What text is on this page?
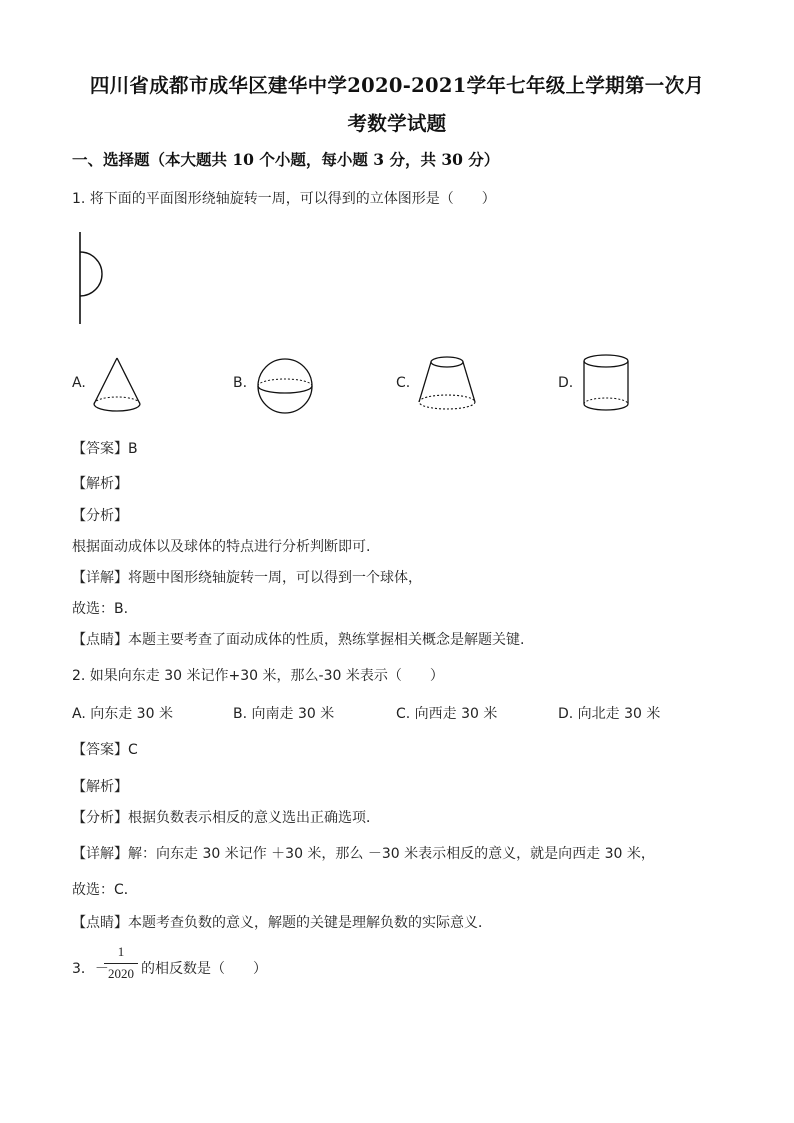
四川省成都市成华区建华中学2020-2021学年七年级上学期第一次月
考数学试题
一、选择题（本大题共 10 个小题，每小题 3 分，共 30 分）
1. 将下面的平面图形绕轴旋转一周，可以得到的立体图形是（　　）
A.	B.	C.	D.
【答案】B
【解析】
【分析】
根据面动成体以及球体的特点进行分析判断即可.
【详解】将题中图形绕轴旋转一周，可以得到一个球体，
故选：B.
【点睛】本题主要考查了面动成体的性质，熟练掌握相关概念是解题关键.
2. 如果向东走 30 米记作+30 米，那么-30 米表示（　　）
A. 向东走 30 米	B. 向南走 30 米	C. 向西走 30 米	D. 向北走 30 米
【答案】C
【解析】
【分析】根据负数表示相反的意义选出正确选项．
【详解】解：向东走 30 米记作 ＋30 米，那么 －30 米表示相反的意义，就是向西走 30 米，
故选：C．
【点睛】本题考查负数的意义，解题的关键是理解负数的实际意义．
3．－
1
2020 的相反数是（　　）
